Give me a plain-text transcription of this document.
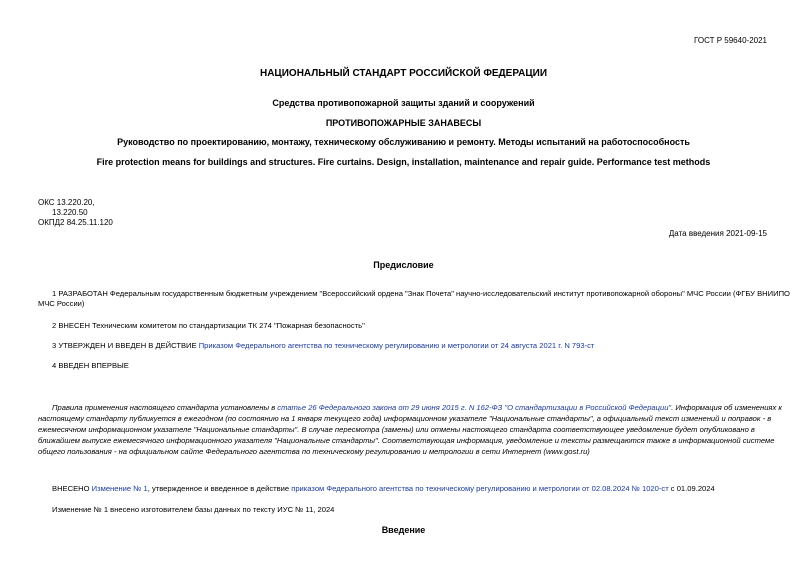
ГОСТ Р 59640-2021
НАЦИОНАЛЬНЫЙ СТАНДАРТ РОССИЙСКОЙ ФЕДЕРАЦИИ
Средства противопожарной защиты зданий и сооружений
ПРОТИВОПОЖАРНЫЕ ЗАНАВЕСЫ
Руководство по проектированию, монтажу, техническому обслуживанию и ремонту. Методы испытаний на работоспособность
Fire protection means for buildings and structures. Fire curtains. Design, installation, maintenance and repair guide. Performance test methods
ОКС 13.220.20,
13.220.50
ОКПД2 84.25.11.120
Дата введения 2021-09-15
Предисловие
1 РАЗРАБОТАН Федеральным государственным бюджетным учреждением "Всероссийский ордена "Знак Почета" научно-исследовательский институт противопожарной обороны" МЧС России (ФГБУ ВНИИПО
МЧС России)
2 ВНЕСЕН Техническим комитетом по стандартизации ТК 274 "Пожарная безопасность"
3 УТВЕРЖДЕН И ВВЕДЕН В ДЕЙСТВИЕ Приказом Федерального агентства по техническому регулированию и метрологии от 24 августа 2021 г. N 793-ст
4 ВВЕДЕН ВПЕРВЫЕ
Правила применения настоящего стандарта установлены в статье 26 Федерального закона от 29 июня 2015 г. N 162-ФЗ "О стандартизации в Российской Федерации". Информация об изменениях к
настоящему стандарту публикуется в ежегодном (по состоянию на 1 января текущего года) информационном указателе "Национальные стандарты", а официальный текст изменений и поправок - в
ежемесячном информационном указателе "Национальные стандарты". В случае пересмотра (замены) или отмены настоящего стандарта соответствующее уведомление будет опубликовано в
ближайшем выпуске ежемесячного информационного указателя "Национальные стандарты". Соответствующая информация, уведомление и тексты размещаются также в информационной системе
общего пользования - на официальном сайте Федерального агентства по техническому регулированию и метрологии в сети Интернет (www.gost.ru)
ВНЕСЕНО Изменение № 1, утвержденное и введенное в действие приказом Федерального агентства по техническому регулированию и метрологии от 02.08.2024 № 1020-ст с 01.09.2024
Изменение № 1 внесено изготовителем базы данных по тексту ИУС № 11, 2024
Введение
